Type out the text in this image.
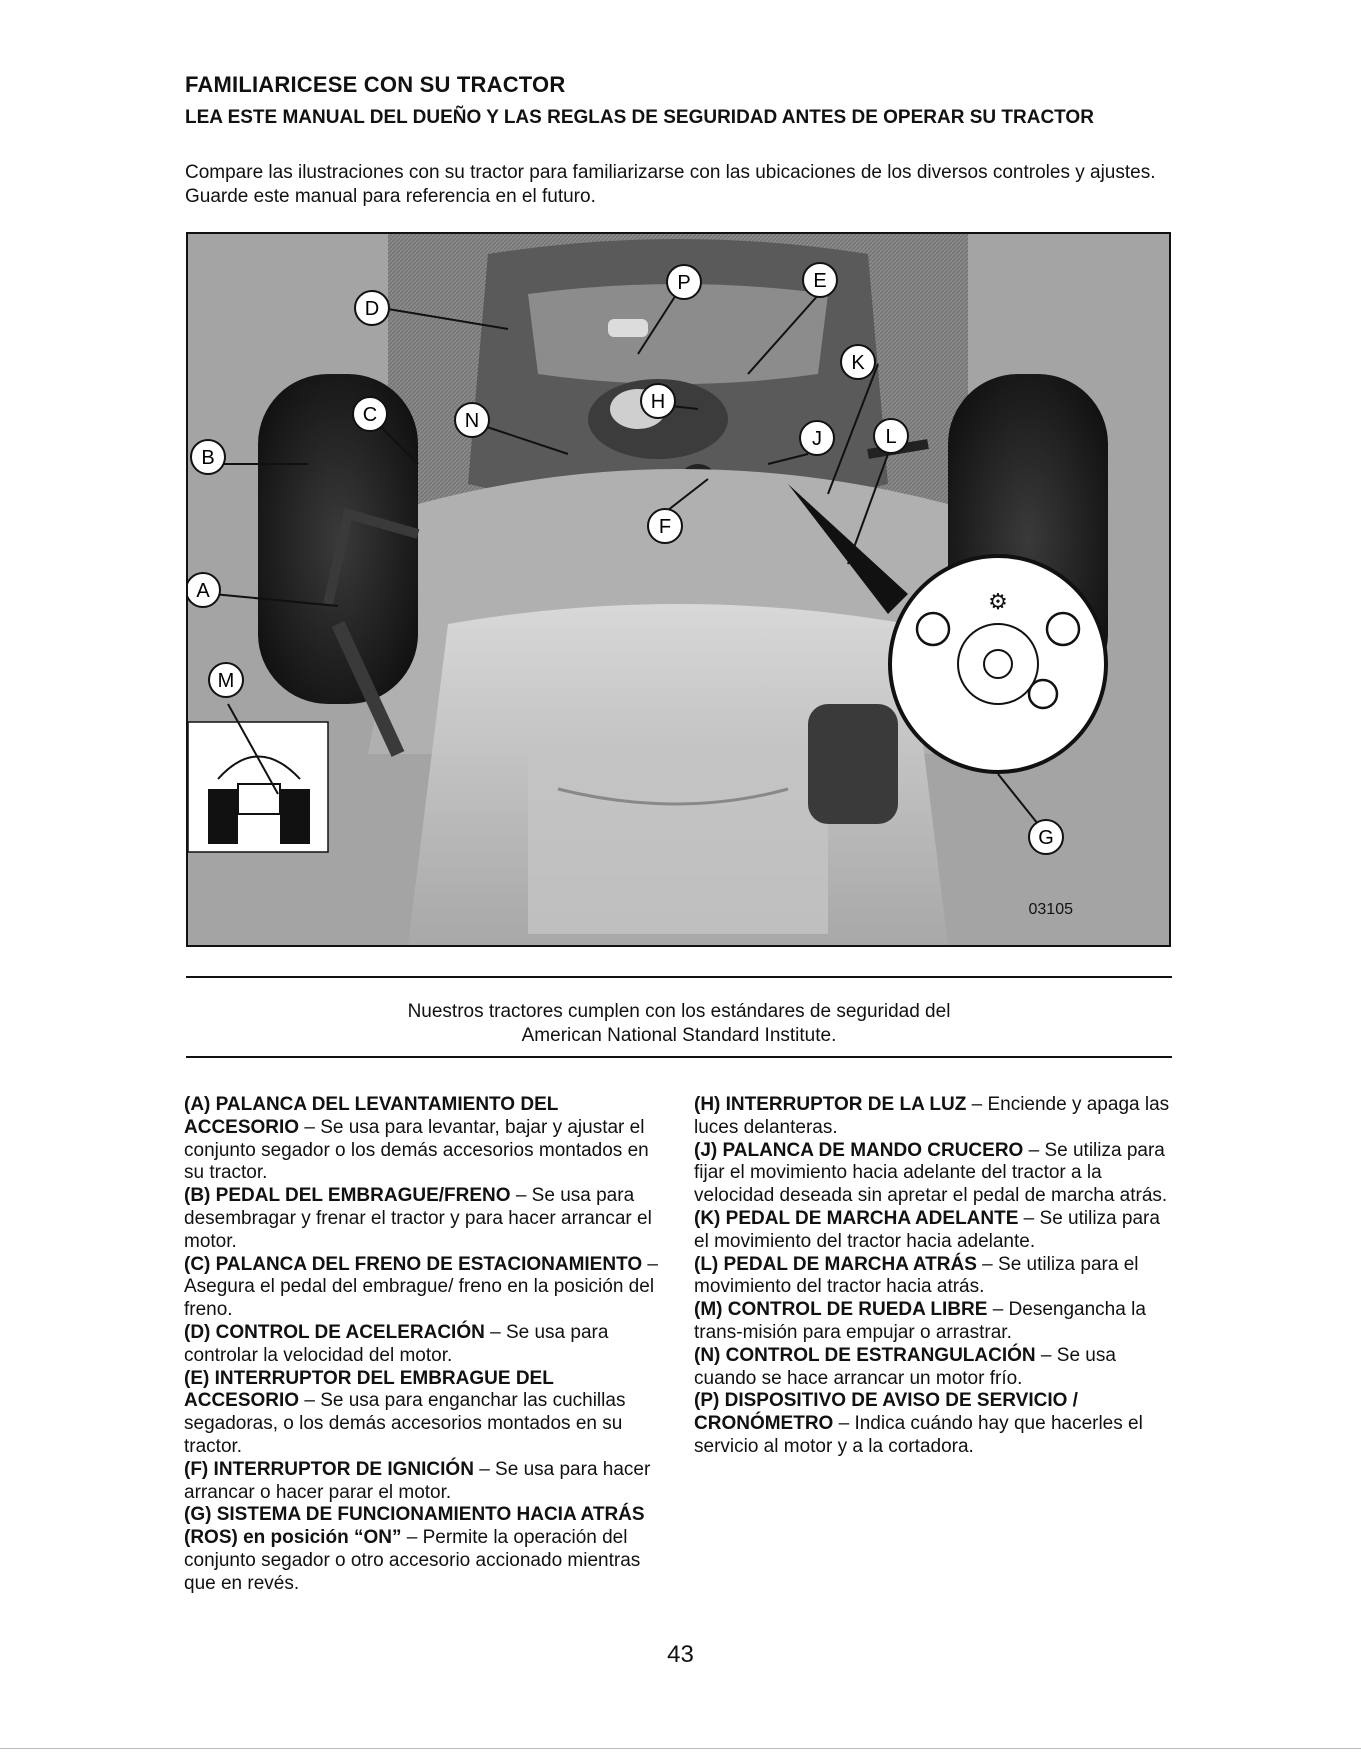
FAMILIARICESE CON SU TRACTOR
LEA ESTE MANUAL DEL DUEÑO Y LAS REGLAS DE SEGURIDAD ANTES DE OPERAR SU TRACTOR
Compare las ilustraciones con su tractor para familiarizarse con las ubicaciones de los diversos controles y ajustes. Guarde este manual para referencia en el futuro.
⚙
D
P	E
K
C	N
H
J	L
B
F
A
M
G
03105
Nuestros tractores cumplen con los estándares de seguridad del
American National Standard Institute.

(A) PALANCA DEL LEVANTAMIENTO DEL ACCESORIO – Se usa para levantar, bajar y ajustar el conjunto segador o los demás accesorios montados en su tractor.

(B) PEDAL DEL EMBRAGUE/FRENO – Se usa para desembragar y frenar el tractor y para hacer arrancar el motor.

(C) PALANCA DEL FRENO DE ESTACIONAMIENTO – Asegura el pedal del embrague/ freno en la posición del freno.

(D) CONTROL DE ACELERACIÓN – Se usa para controlar la velocidad del motor.

(E) INTERRUPTOR DEL EMBRAGUE DEL ACCESORIO – Se usa para enganchar las cuchillas segadoras, o los demás accesorios montados en su tractor.

(F) INTERRUPTOR DE IGNICIÓN – Se usa para hacer arrancar o hacer parar el motor.

(G) SISTEMA DE FUNCIONAMIENTO HACIA ATRÁS (ROS) en posición “ON” – Permite la operación del conjunto segador o otro accesorio accionado mientras que en revés.

(H) INTERRUPTOR DE LA LUZ – Enciende y apaga las luces delanteras.

(J) PALANCA DE MANDO CRUCERO – Se utiliza para fijar el movimiento hacia adelante del tractor a la velocidad deseada sin apretar el pedal de marcha atrás.

(K) PEDAL DE MARCHA ADELANTE – Se utiliza para el movimiento del tractor hacia adelante.

(L) PEDAL DE MARCHA ATRÁS – Se utiliza para el movimiento del tractor hacia atrás.

(M) CONTROL DE RUEDA LIBRE – Desengancha la trans-misión para empujar o arrastrar.

(N) CONTROL DE ESTRANGULACIÓN – Se usa cuando se hace arrancar un motor frío.

(P) DISPOSITIVO DE AVISO DE SERVICIO / CRONÓMETRO – Indica cuándo hay que hacerles el servicio al motor y a la cortadora.

43
